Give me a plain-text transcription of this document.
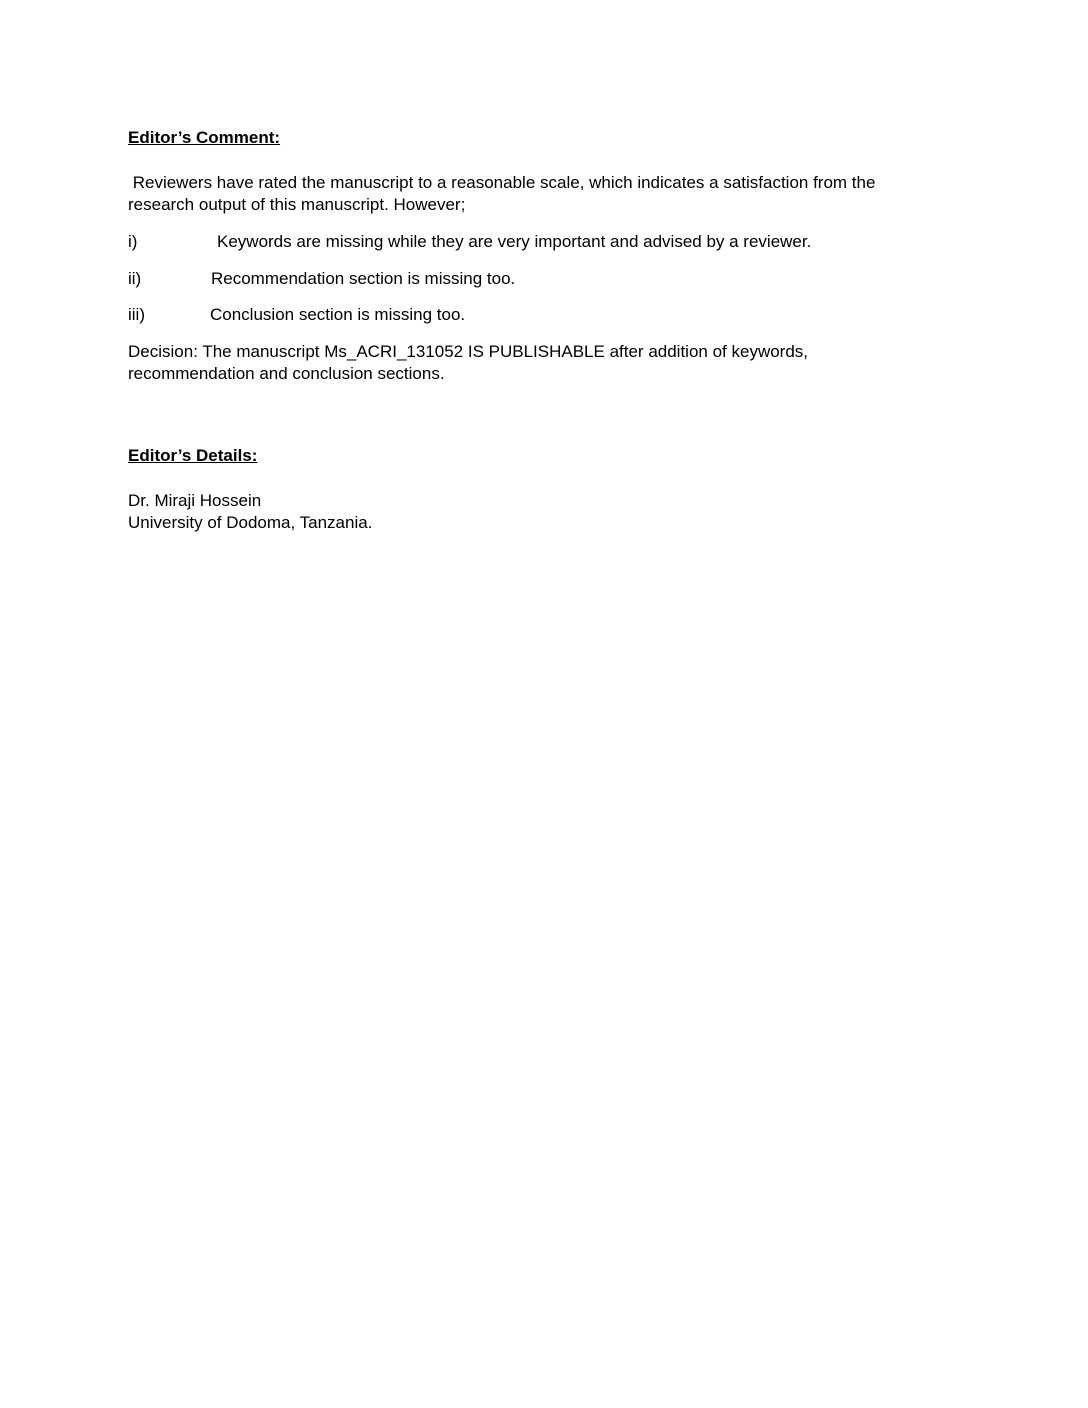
Editor’s Comment:
Reviewers have rated the manuscript to a reasonable scale, which indicates a satisfaction from the
research output of this manuscript. However;
i)	Keywords are missing while they are very important and advised by a reviewer.
ii)	Recommendation section is missing too.
iii)	Conclusion section is missing too.
Decision: The manuscript Ms_ACRI_131052 IS PUBLISHABLE after addition of keywords,
recommendation and conclusion sections.
Editor’s Details:
Dr. Miraji Hossein
University of Dodoma, Tanzania.
